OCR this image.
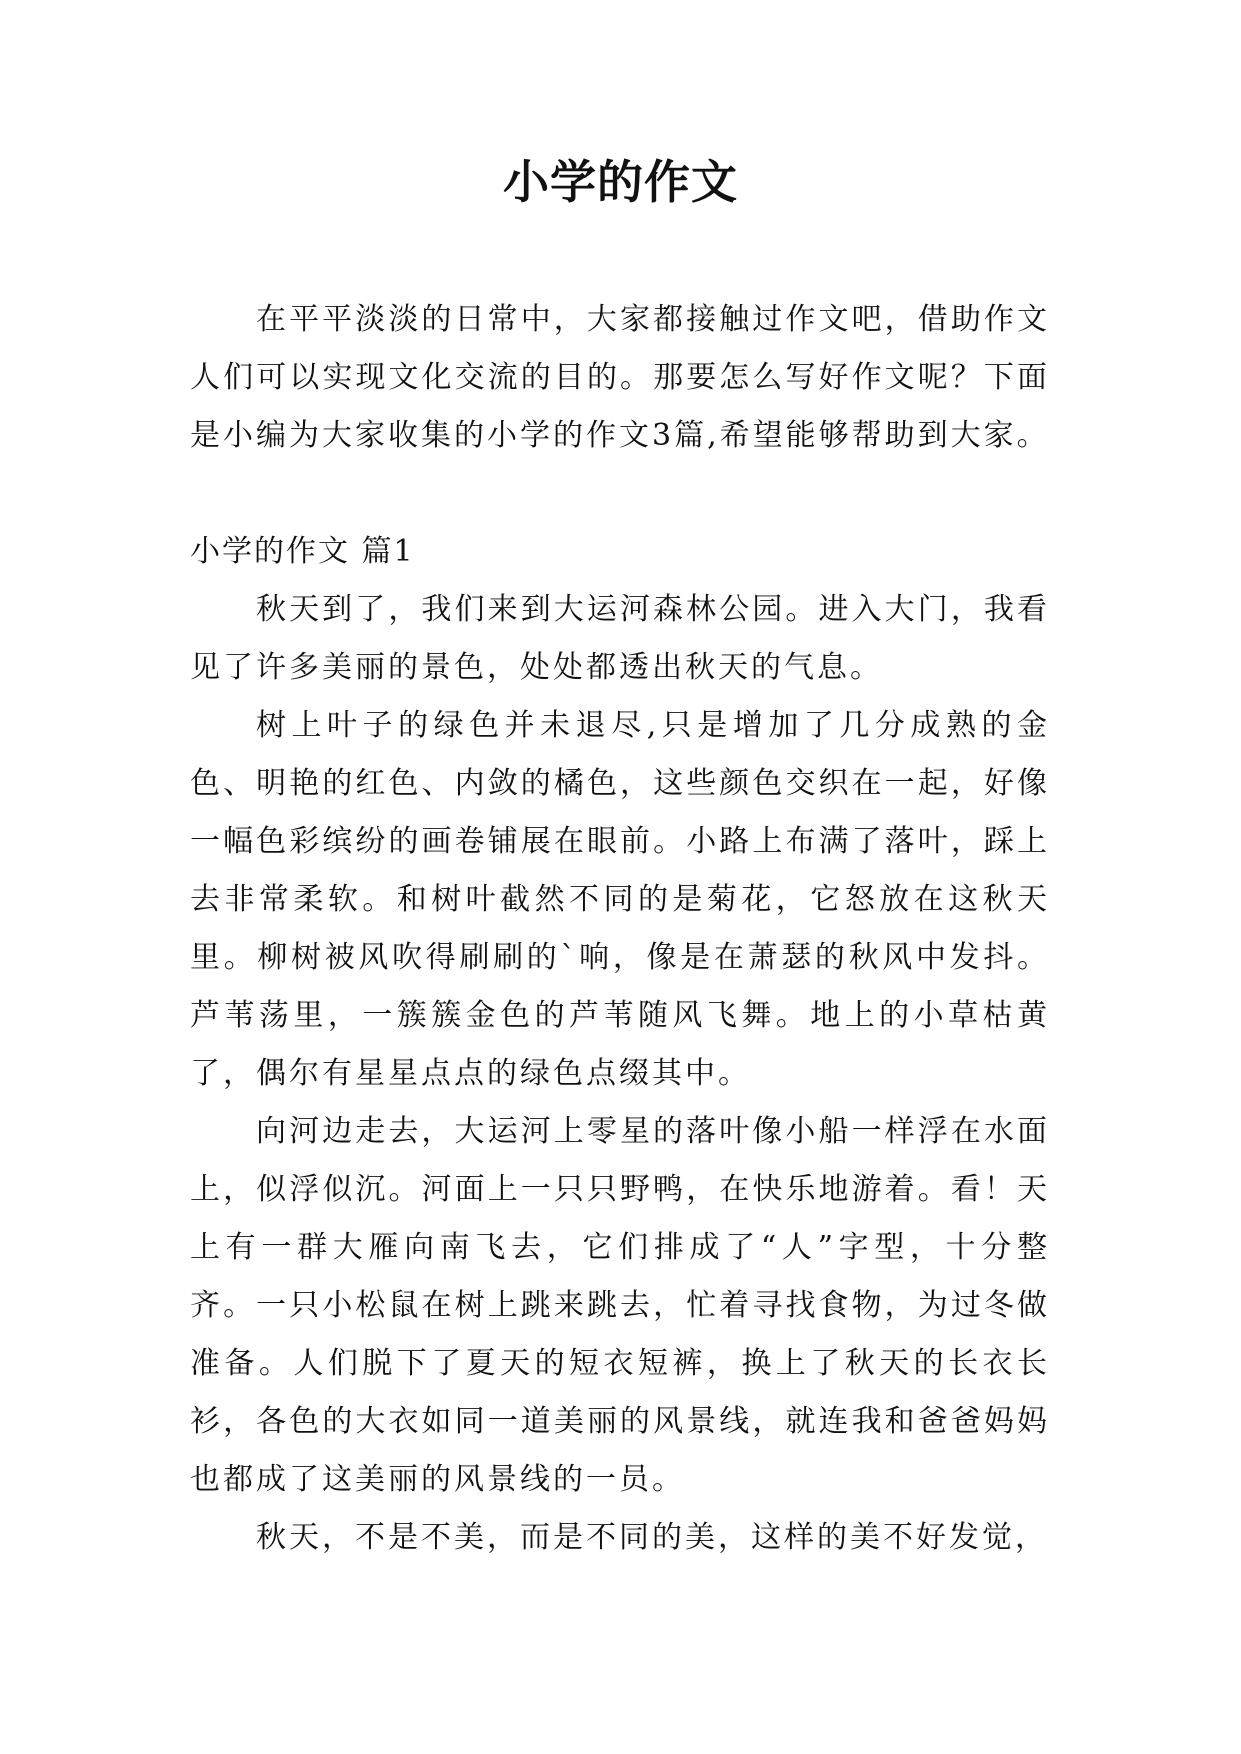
小学的作文

在平平淡淡的日常中，大家都接触过作文吧，借助作文人们可以实现文化交流的目的。那要怎么写好作文呢？下面是小编为大家收集的小学的作文3篇,希望能够帮助到大家。

小学的作文 篇1

秋天到了，我们来到大运河森林公园。进入大门，我看见了许多美丽的景色，处处都透出秋天的气息。

树上叶子的绿色并未退尽,只是增加了几分成熟的金色、明艳的红色、内敛的橘色，这些颜色交织在一起，好像一幅色彩缤纷的画卷铺展在眼前。小路上布满了落叶，踩上去非常柔软。和树叶截然不同的是菊花，它怒放在这秋天里。柳树被风吹得刷刷的`响，像是在萧瑟的秋风中发抖。芦苇荡里，一簇簇金色的芦苇随风飞舞。地上的小草枯黄了，偶尔有星星点点的绿色点缀其中。

向河边走去，大运河上零星的落叶像小船一样浮在水面上，似浮似沉。河面上一只只野鸭，在快乐地游着。看！天上有一群大雁向南飞去，它们排成了“人”字型，十分整齐。一只小松鼠在树上跳来跳去，忙着寻找食物，为过冬做准备。人们脱下了夏天的短衣短裤，换上了秋天的长衣长衫，各色的大衣如同一道美丽的风景线，就连我和爸爸妈妈也都成了这美丽的风景线的一员。

秋天，不是不美，而是不同的美，这样的美不好发觉，
